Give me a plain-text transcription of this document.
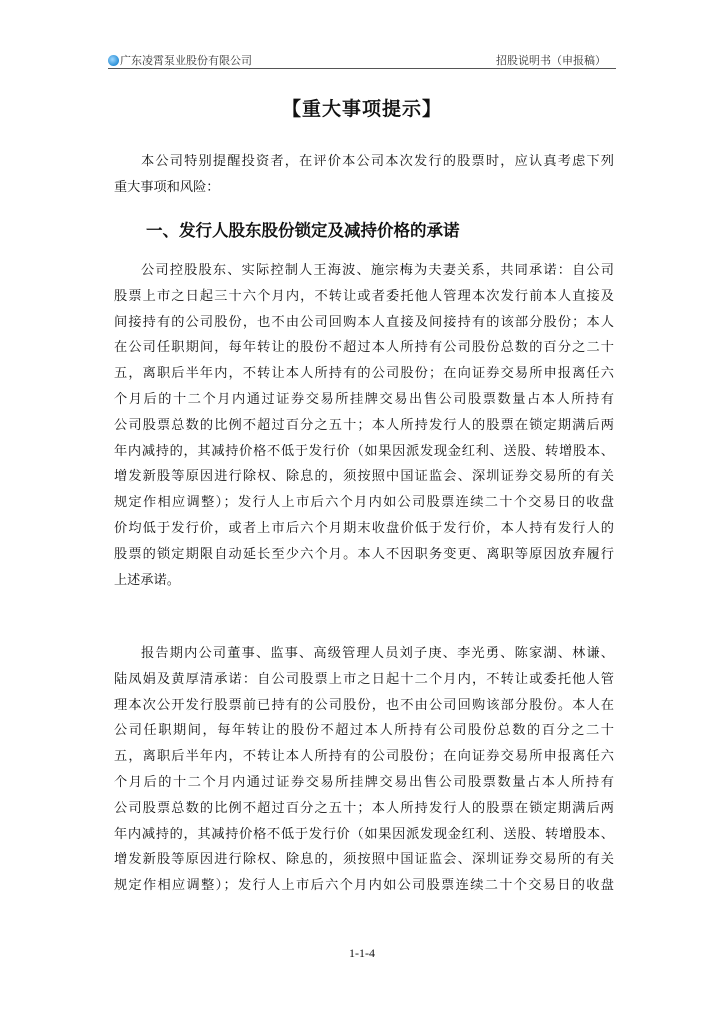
广东凌霄泵业股份有限公司	招股说明书（申报稿）
【重大事项提示】
本公司特别提醒投资者，在评价本公司本次发行的股票时，应认真考虑下列
重大事项和风险：
一、发行人股东股份锁定及减持价格的承诺
公司控股股东、实际控制人王海波、施宗梅为夫妻关系，共同承诺：自公司
股票上市之日起三十六个月内，不转让或者委托他人管理本次发行前本人直接及
间接持有的公司股份，也不由公司回购本人直接及间接持有的该部分股份；本人
在公司任职期间，每年转让的股份不超过本人所持有公司股份总数的百分之二十
五，离职后半年内，不转让本人所持有的公司股份；在向证券交易所申报离任六
个月后的十二个月内通过证券交易所挂牌交易出售公司股票数量占本人所持有
公司股票总数的比例不超过百分之五十；本人所持发行人的股票在锁定期满后两
年内减持的，其减持价格不低于发行价（如果因派发现金红利、送股、转增股本、
增发新股等原因进行除权、除息的，须按照中国证监会、深圳证券交易所的有关
规定作相应调整）；发行人上市后六个月内如公司股票连续二十个交易日的收盘
价均低于发行价，或者上市后六个月期末收盘价低于发行价，本人持有发行人的
股票的锁定期限自动延长至少六个月。本人不因职务变更、离职等原因放弃履行
上述承诺。
报告期内公司董事、监事、高级管理人员刘子庚、李光勇、陈家湖、林谦、
陆凤娟及黄厚清承诺：自公司股票上市之日起十二个月内，不转让或委托他人管
理本次公开发行股票前已持有的公司股份，也不由公司回购该部分股份。本人在
公司任职期间，每年转让的股份不超过本人所持有公司股份总数的百分之二十
五，离职后半年内，不转让本人所持有的公司股份；在向证券交易所申报离任六
个月后的十二个月内通过证券交易所挂牌交易出售公司股票数量占本人所持有
公司股票总数的比例不超过百分之五十；本人所持发行人的股票在锁定期满后两
年内减持的，其减持价格不低于发行价（如果因派发现金红利、送股、转增股本、
增发新股等原因进行除权、除息的，须按照中国证监会、深圳证券交易所的有关
规定作相应调整）；发行人上市后六个月内如公司股票连续二十个交易日的收盘
1-1-4
